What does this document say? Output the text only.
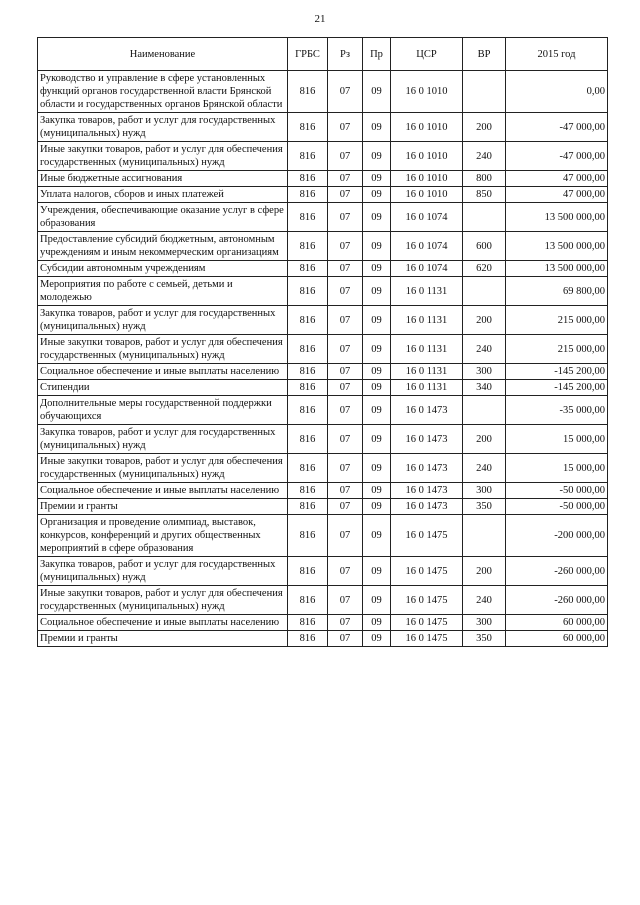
21
Наименование	ГРБС	Рз	Пр	ЦСР	ВР	2015 год
Руководство и управление в сфере установленных функций органов государственной власти Брянской области и государственных органов Брянской области	816	07	09	16 0 1010		0,00
Закупка товаров, работ и услуг для государственных (муниципальных) нужд	816	07	09	16 0 1010	200	-47 000,00
Иные закупки товаров, работ и услуг для обеспечения государственных (муниципальных) нужд	816	07	09	16 0 1010	240	-47 000,00
Иные бюджетные ассигнования	816	07	09	16 0 1010	800	47 000,00
Уплата налогов, сборов и иных платежей	816	07	09	16 0 1010	850	47 000,00
Учреждения, обеспечивающие оказание услуг в сфере образования	816	07	09	16 0 1074		13 500 000,00
Предоставление субсидий бюджетным, автономным учреждениям и иным некоммерческим организациям	816	07	09	16 0 1074	600	13 500 000,00
Субсидии автономным учреждениям	816	07	09	16 0 1074	620	13 500 000,00
Мероприятия по работе с семьей, детьми и молодежью	816	07	09	16 0 1131		69 800,00
Закупка товаров, работ и услуг для государственных (муниципальных) нужд	816	07	09	16 0 1131	200	215 000,00
Иные закупки товаров, работ и услуг для обеспечения государственных (муниципальных) нужд	816	07	09	16 0 1131	240	215 000,00
Социальное обеспечение и иные выплаты населению	816	07	09	16 0 1131	300	-145 200,00
Стипендии	816	07	09	16 0 1131	340	-145 200,00
Дополнительные меры государственной поддержки обучающихся	816	07	09	16 0 1473		-35 000,00
Закупка товаров, работ и услуг для государственных (муниципальных) нужд	816	07	09	16 0 1473	200	15 000,00
Иные закупки товаров, работ и услуг для обеспечения государственных (муниципальных) нужд	816	07	09	16 0 1473	240	15 000,00
Социальное обеспечение и иные выплаты населению	816	07	09	16 0 1473	300	-50 000,00
Премии и гранты	816	07	09	16 0 1473	350	-50 000,00
Организация и проведение олимпиад, выставок, конкурсов, конференций и других общественных мероприятий в сфере образования	816	07	09	16 0 1475		-200 000,00
Закупка товаров, работ и услуг для государственных (муниципальных) нужд	816	07	09	16 0 1475	200	-260 000,00
Иные закупки товаров, работ и услуг для обеспечения государственных (муниципальных) нужд	816	07	09	16 0 1475	240	-260 000,00
Социальное обеспечение и иные выплаты населению	816	07	09	16 0 1475	300	60 000,00
Премии и гранты	816	07	09	16 0 1475	350	60 000,00
